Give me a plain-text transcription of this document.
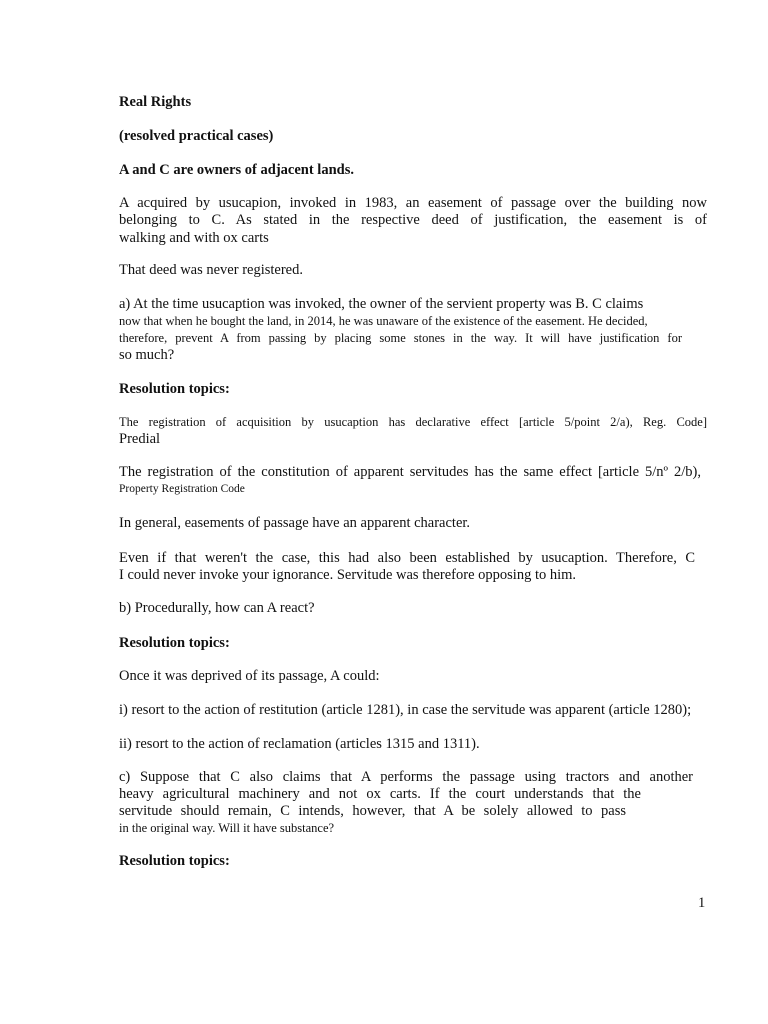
Real Rights
(resolved practical cases)
A and C are owners of adjacent lands.
A acquired by usucapion, invoked in 1983, an easement of passage over the building now
belonging to C. As stated in the respective deed of justification, the easement is of
walking and with ox carts
That deed was never registered.
a) At the time usucaption was invoked, the owner of the servient property was B. C claims
now that when he bought the land, in 2014, he was unaware of the existence of the easement. He decided,
therefore, prevent A from passing by placing some stones in the way. It will have justification for
so much?
Resolution topics:
The registration of acquisition by usucaption has declarative effect [article 5/point 2/a), Reg. Code]
Predial
The registration of the constitution of apparent servitudes has the same effect [article 5/nº 2/b),
Property Registration Code
In general, easements of passage have an apparent character.
Even if that weren't the case, this had also been established by usucaption. Therefore, C
I could never invoke your ignorance. Servitude was therefore opposing to him.
b) Procedurally, how can A react?
Resolution topics:
Once it was deprived of its passage, A could:
i) resort to the action of restitution (article 1281), in case the servitude was apparent (article 1280);
ii) resort to the action of reclamation (articles 1315 and 1311).
c) Suppose that C also claims that A performs the passage using tractors and another
heavy agricultural machinery and not ox carts. If the court understands that the
servitude should remain, C intends, however, that A be solely allowed to pass
in the original way. Will it have substance?
Resolution topics:
1
